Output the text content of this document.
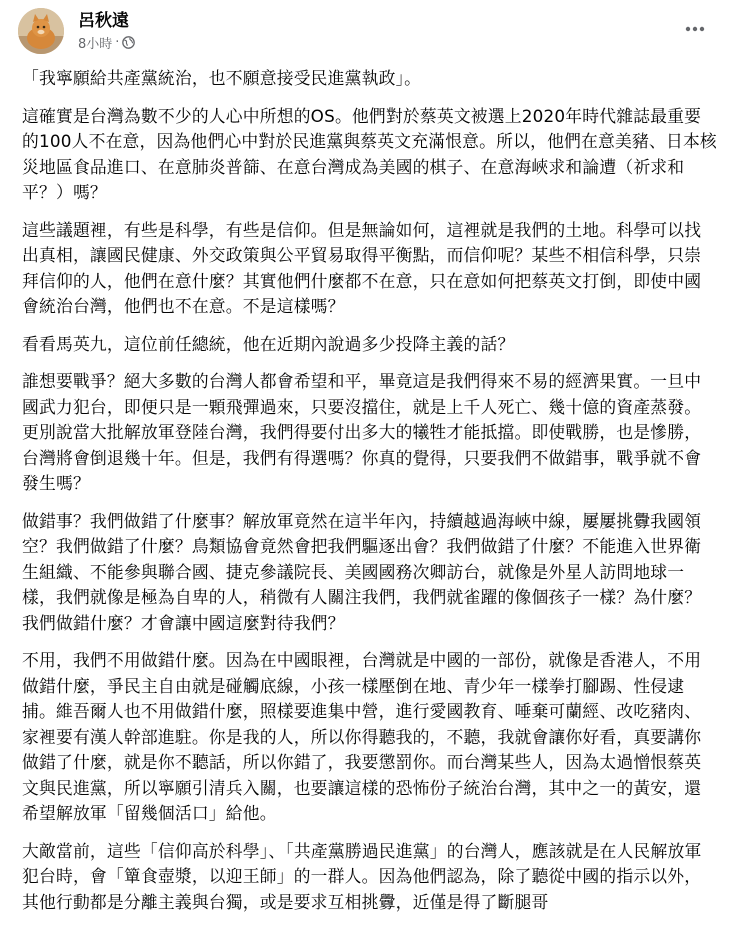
呂秋遠
8小時 ·

「我寧願給共產黨統治，也不願意接受民進黨執政」。

這確實是台灣為數不少的人心中所想的OS。他們對於蔡英文被選上2020年時代雜誌最重要的100人不在意，因為他們心中對於民進黨與蔡英文充滿恨意。所以，他們在意美豬、日本核災地區食品進口、在意肺炎普篩、在意台灣成為美國的棋子、在意海峽求和論遭（祈求和平？）嗎？

這些議題裡，有些是科學，有些是信仰。但是無論如何，這裡就是我們的土地。科學可以找出真相，讓國民健康、外交政策與公平貿易取得平衡點，而信仰呢？某些不相信科學，只崇拜信仰的人，他們在意什麼？其實他們什麼都不在意，只在意如何把蔡英文打倒，即使中國會統治台灣，他們也不在意。不是這樣嗎？

看看馬英九，這位前任總統，他在近期內說過多少投降主義的話？

誰想要戰爭？絕大多數的台灣人都會希望和平，畢竟這是我們得來不易的經濟果實。一旦中國武力犯台，即便只是一顆飛彈過來，只要沒擋住，就是上千人死亡、幾十億的資產蒸發。更別說當大批解放軍登陸台灣，我們得要付出多大的犧牲才能抵擋。即使戰勝，也是慘勝，台灣將會倒退幾十年。但是，我們有得選嗎？你真的覺得，只要我們不做錯事，戰爭就不會發生嗎？

做錯事？我們做錯了什麼事？解放軍竟然在這半年內，持續越過海峽中線，屢屢挑釁我國領空？我們做錯了什麼？鳥類協會竟然會把我們驅逐出會？我們做錯了什麼？不能進入世界衛生組織、不能參與聯合國、捷克參議院長、美國國務次卿訪台，就像是外星人訪問地球一樣，我們就像是極為自卑的人，稍微有人關注我們，我們就雀躍的像個孩子一樣？為什麼？我們做錯什麼？才會讓中國這麼對待我們？

不用，我們不用做錯什麼。因為在中國眼裡，台灣就是中國的一部份，就像是香港人，不用做錯什麼，爭民主自由就是碰觸底線，小孩一樣壓倒在地、青少年一樣拳打腳踢、性侵逮捕。維吾爾人也不用做錯什麼，照樣要進集中營，進行愛國教育、唾棄可蘭經、改吃豬肉、家裡要有漢人幹部進駐。你是我的人，所以你得聽我的，不聽，我就會讓你好看，真要講你做錯了什麼，就是你不聽話，所以你錯了，我要懲罰你。而台灣某些人，因為太過憎恨蔡英文與民進黨，所以寧願引清兵入關，也要讓這樣的恐怖份子統治台灣，其中之一的黃安，還希望解放軍「留幾個活口」給他。

大敵當前，這些「信仰高於科學」、「共產黨勝過民進黨」的台灣人，應該就是在人民解放軍犯台時，會「簞食壺漿，以迎王師」的一群人。因為他們認為，除了聽從中國的指示以外，其他行動都是分離主義與台獨，或是要求互相挑釁，近僅是得了斷腿哥
